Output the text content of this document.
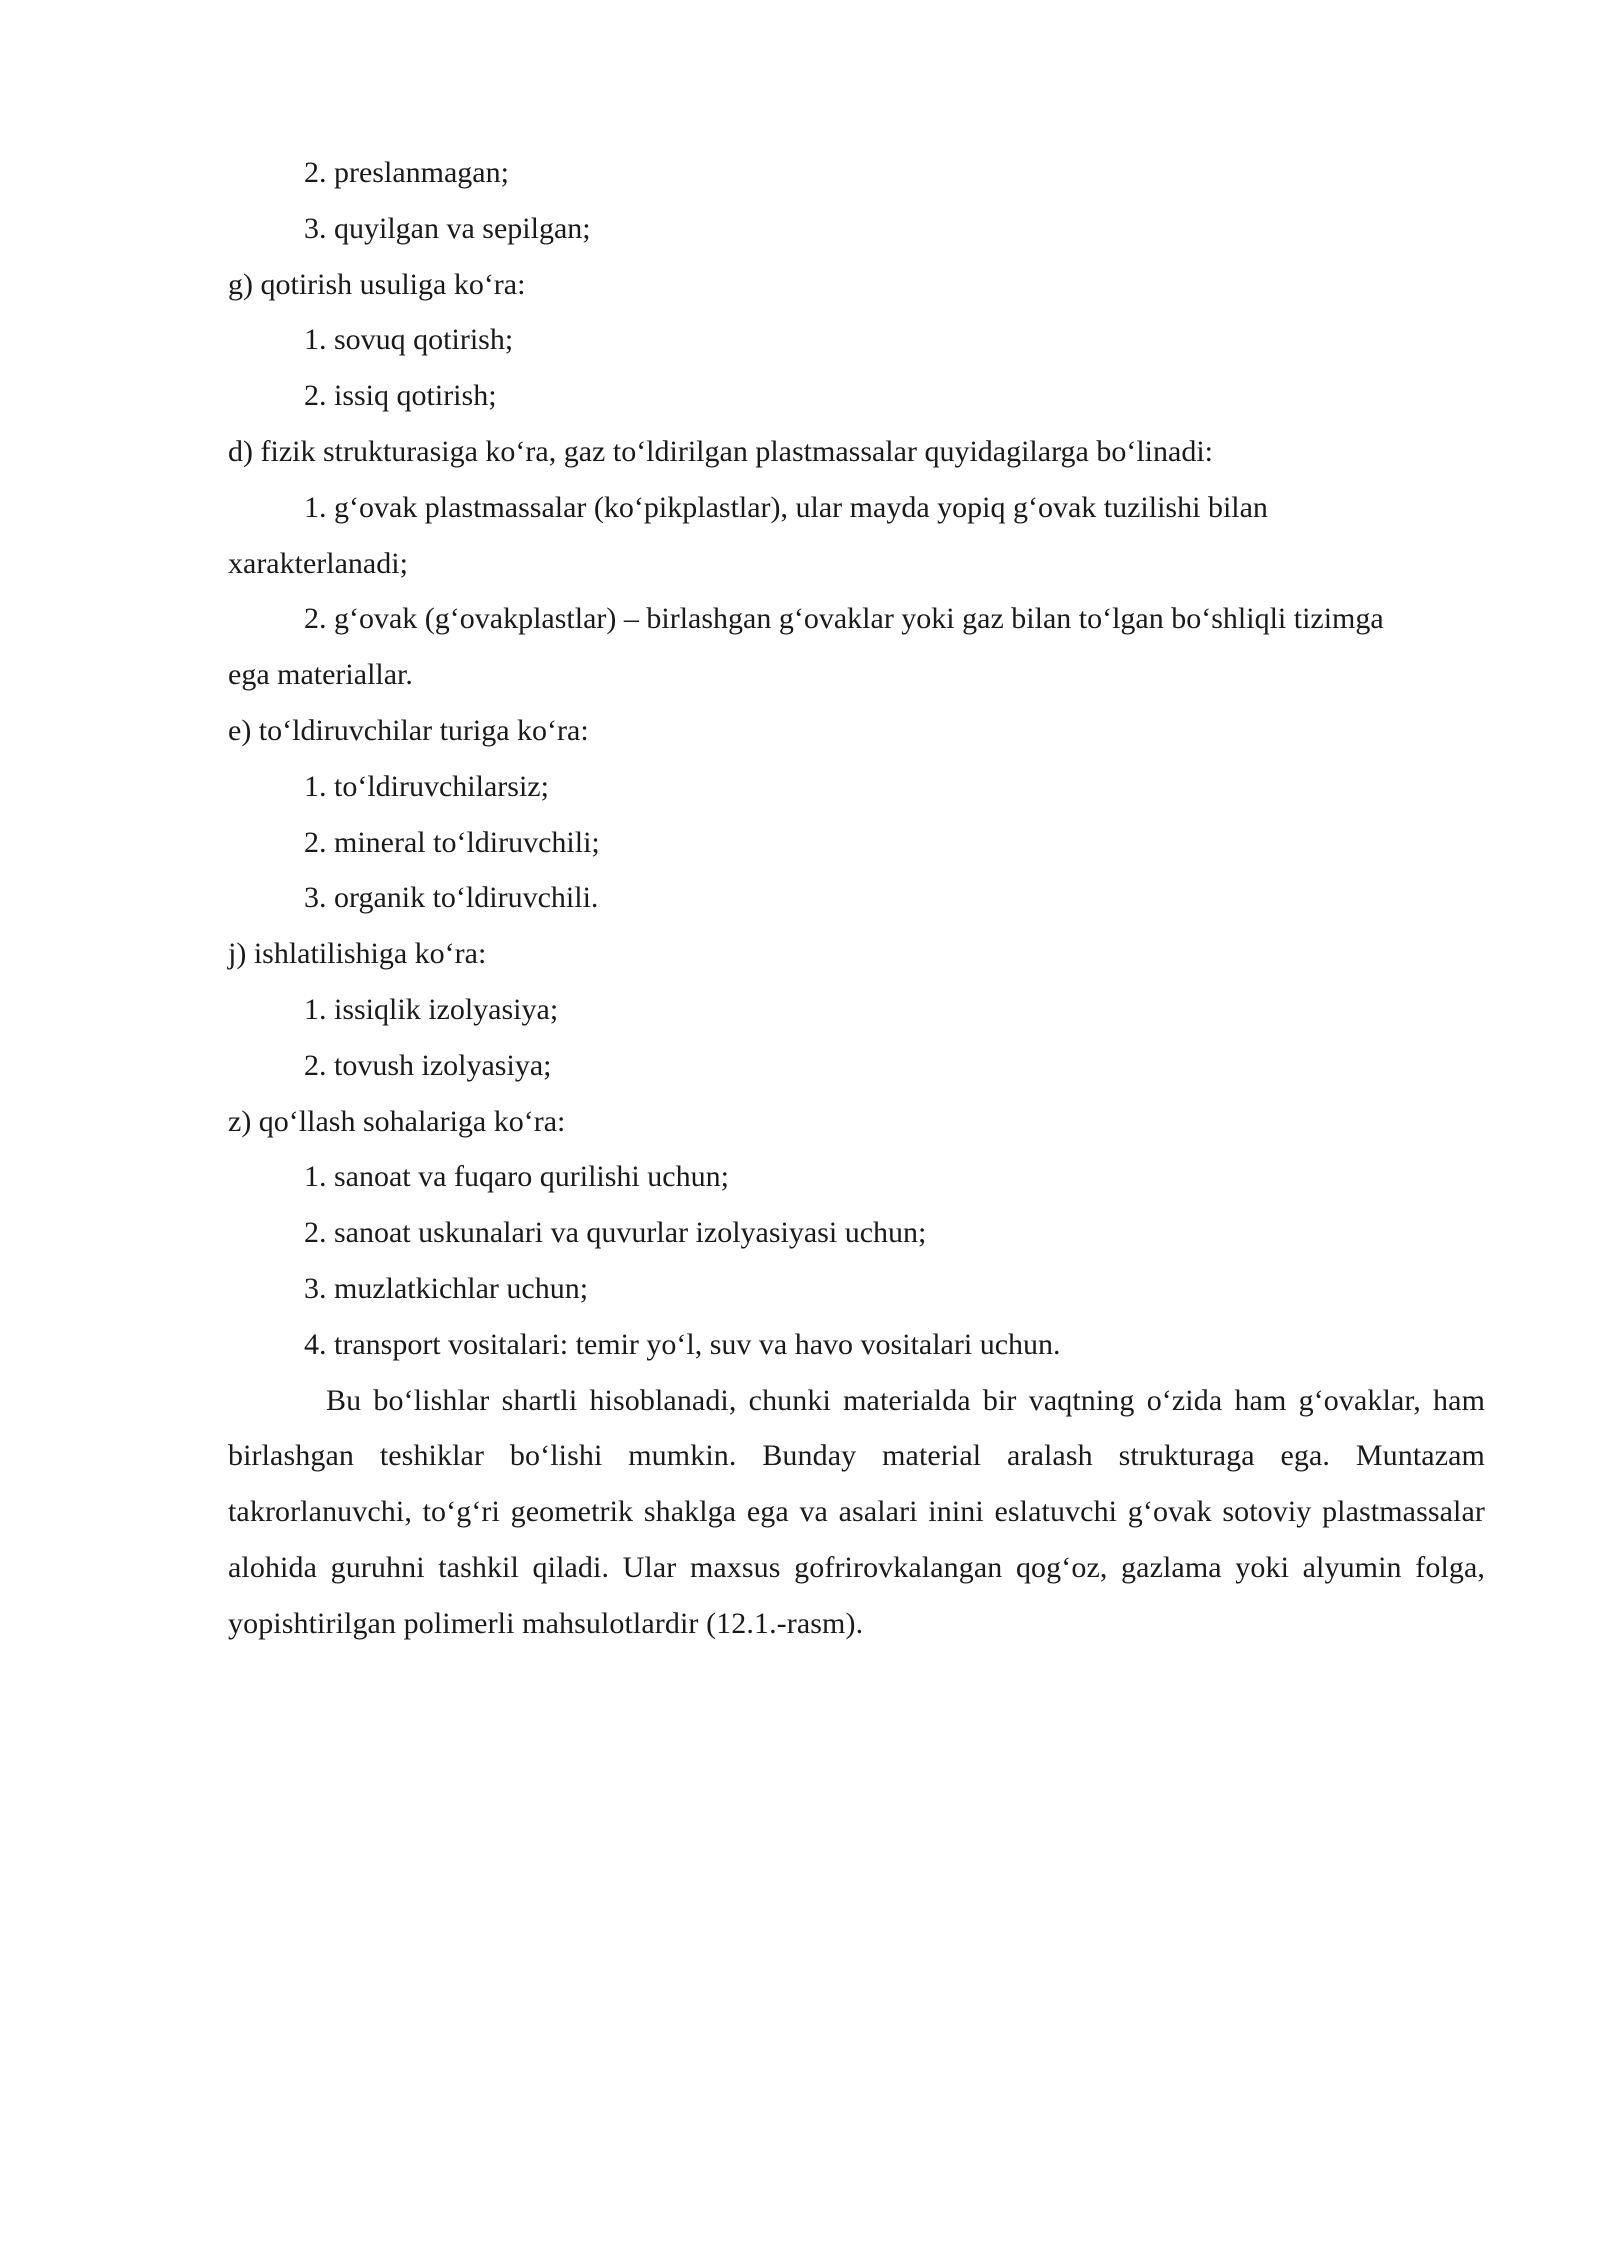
2. preslanmagan;
3. quyilgan va sepilgan;
g) qotirish usuliga ko‘ra:
1. sovuq qotirish;
2. issiq qotirish;
d) fizik strukturasiga ko‘ra, gaz to‘ldirilgan plastmassalar quyidagilarga bo‘linadi:
1. g‘ovak plastmassalar (ko‘pikplastlar), ular mayda yopiq g‘ovak tuzilishi bilan
xarakterlanadi;
2. g‘ovak (g‘ovakplastlar) – birlashgan g‘ovaklar yoki gaz bilan to‘lgan bo‘shliqli tizimga
ega materiallar.
e) to‘ldiruvchilar turiga ko‘ra:
1. to‘ldiruvchilarsiz;
2. mineral to‘ldiruvchili;
3. organik to‘ldiruvchili.
j) ishlatilishiga ko‘ra:
1. issiqlik izolyasiya;
2. tovush izolyasiya;
z) qo‘llash sohalariga ko‘ra:
1. sanoat va fuqaro qurilishi uchun;
2. sanoat uskunalari va quvurlar izolyasiyasi uchun;
3. muzlatkichlar uchun;
4. transport vositalari: temir yo‘l, suv va havo vositalari uchun.

Bu bo‘lishlar shartli hisoblanadi, chunki materialda bir vaqtning o‘zida ham g‘ovaklar, ham birlashgan teshiklar bo‘lishi mumkin. Bunday material aralash strukturaga ega. Muntazam takrorlanuvchi, to‘g‘ri geometrik shaklga ega va asalari inini eslatuvchi g‘ovak sotoviy plastmassalar alohida guruhni tashkil qiladi. Ular maxsus gofrirovkalangan qog‘oz, gazlama yoki alyumin folga, yopishtirilgan polimerli mahsulotlardir (12.1.-rasm).
